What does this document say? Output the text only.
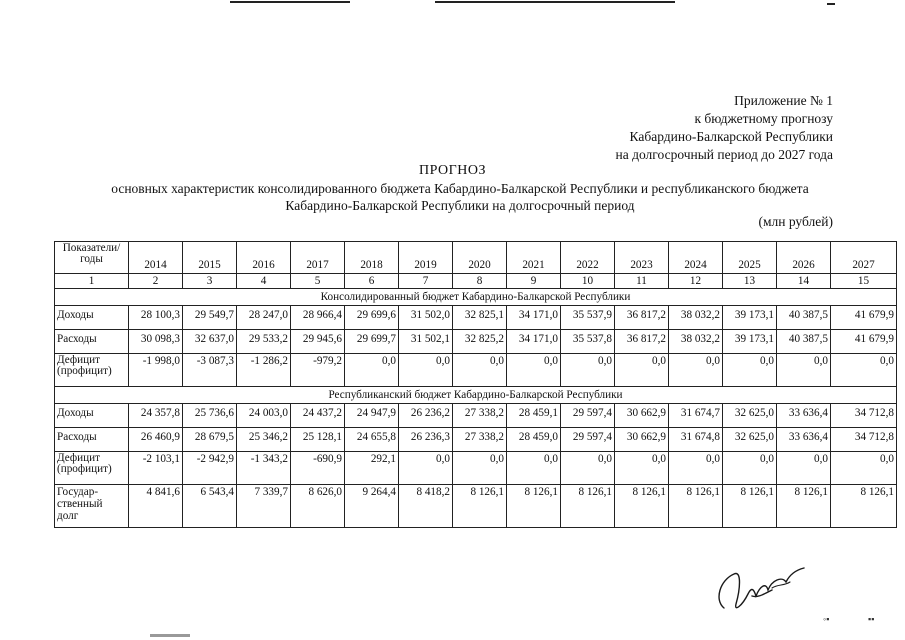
Приложение № 1
к бюджетному прогнозу
Кабардино-Балкарской Республики
на долгосрочный период до 2027 года
ПРОГНОЗ
основных характеристик консолидированного бюджета Кабардино-Балкарской Республики и республиканского бюджета Кабардино-Балкарской Республики на долгосрочный период
(млн рублей)
Показатели/ годы	2014	2015	2016	2017	2018	2019	2020	2021	2022	2023	2024	2025	2026	2027
1	2	3	4	5	6	7	8	9	10	11	12	13	14	15
Консолидированный бюджет Кабардино-Балкарской Республики														
Доходы	28 100,3	29 549,7	28 247,0	28 966,4	29 699,6	31 502,0	32 825,1	34 171,0	35 537,9	36 817,2	38 032,2	39 173,1	40 387,5	41 679,9
Расходы	30 098,3	32 637,0	29 533,2	29 945,6	29 699,7	31 502,1	32 825,2	34 171,0	35 537,8	36 817,2	38 032,2	39 173,1	40 387,5	41 679,9
Дефицит (профицит)	-1 998,0	-3 087,3	-1 286,2	-979,2	0,0	0,0	0,0	0,0	0,0	0,0	0,0	0,0	0,0	0,0
Республиканский бюджет Кабардино-Балкарской Республики														
Доходы	24 357,8	25 736,6	24 003,0	24 437,2	24 947,9	26 236,2	27 338,2	28 459,1	29 597,4	30 662,9	31 674,7	32 625,0	33 636,4	34 712,8
Расходы	26 460,9	28 679,5	25 346,2	25 128,1	24 655,8	26 236,3	27 338,2	28 459,0	29 597,4	30 662,9	31 674,8	32 625,0	33 636,4	34 712,8
Дефицит (профицит)	-2 103,1	-2 942,9	-1 343,2	-690,9	292,1	0,0	0,0	0,0	0,0	0,0	0,0	0,0	0,0	0,0
Государ-ственный долг	4 841,6	6 543,4	7 339,7	8 626,0	9 264,4	8 418,2	8 126,1	8 126,1	8 126,1	8 126,1	8 126,1	8 126,1	8 126,1	8 126,1
◦▪	▪▪
